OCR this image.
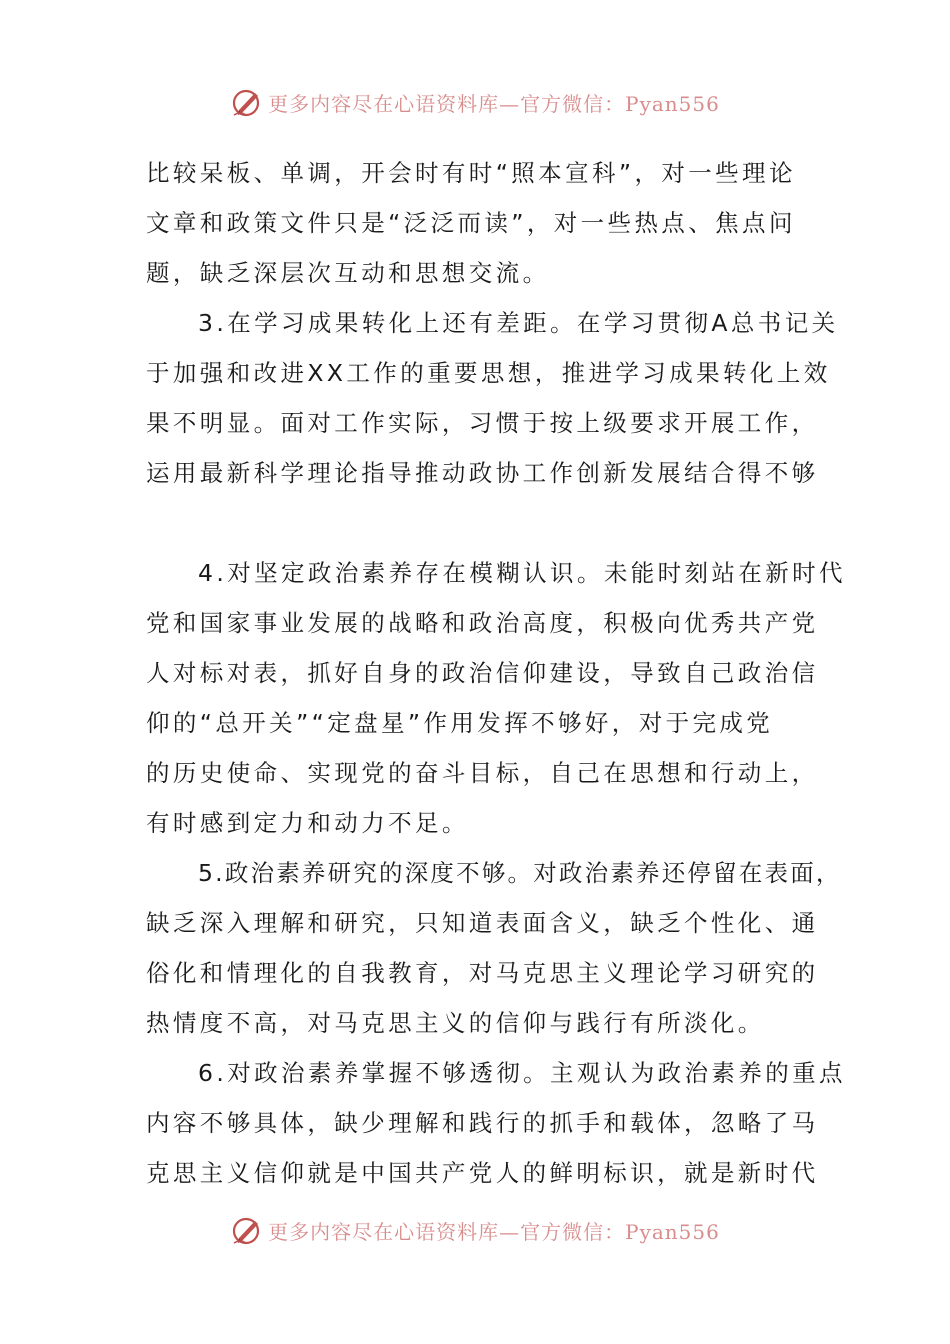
更多内容尽在心语资料库—官方微信：Pyan556
比较呆板、单调，开会时有时“照本宣科”，对一些理论
文章和政策文件只是“泛泛而读”，对一些热点、焦点问
题，缺乏深层次互动和思想交流。
3.在学习成果转化上还有差距。在学习贯彻A总书记关
于加强和改进XX工作的重要思想，推进学习成果转化上效
果不明显。面对工作实际，习惯于按上级要求开展工作，
运用最新科学理论指导推动政协工作创新发展结合得不够
4.对坚定政治素养存在模糊认识。未能时刻站在新时代
党和国家事业发展的战略和政治高度，积极向优秀共产党
人对标对表，抓好自身的政治信仰建设，导致自己政治信
仰的“总开关”“定盘星”作用发挥不够好，对于完成党
的历史使命、实现党的奋斗目标，自己在思想和行动上，
有时感到定力和动力不足。
5.政治素养研究的深度不够。对政治素养还停留在表面，
缺乏深入理解和研究，只知道表面含义，缺乏个性化、通
俗化和情理化的自我教育，对马克思主义理论学习研究的
热情度不高，对马克思主义的信仰与践行有所淡化。
6.对政治素养掌握不够透彻。主观认为政治素养的重点
内容不够具体，缺少理解和践行的抓手和载体，忽略了马
克思主义信仰就是中国共产党人的鲜明标识，就是新时代
更多内容尽在心语资料库—官方微信：Pyan556
